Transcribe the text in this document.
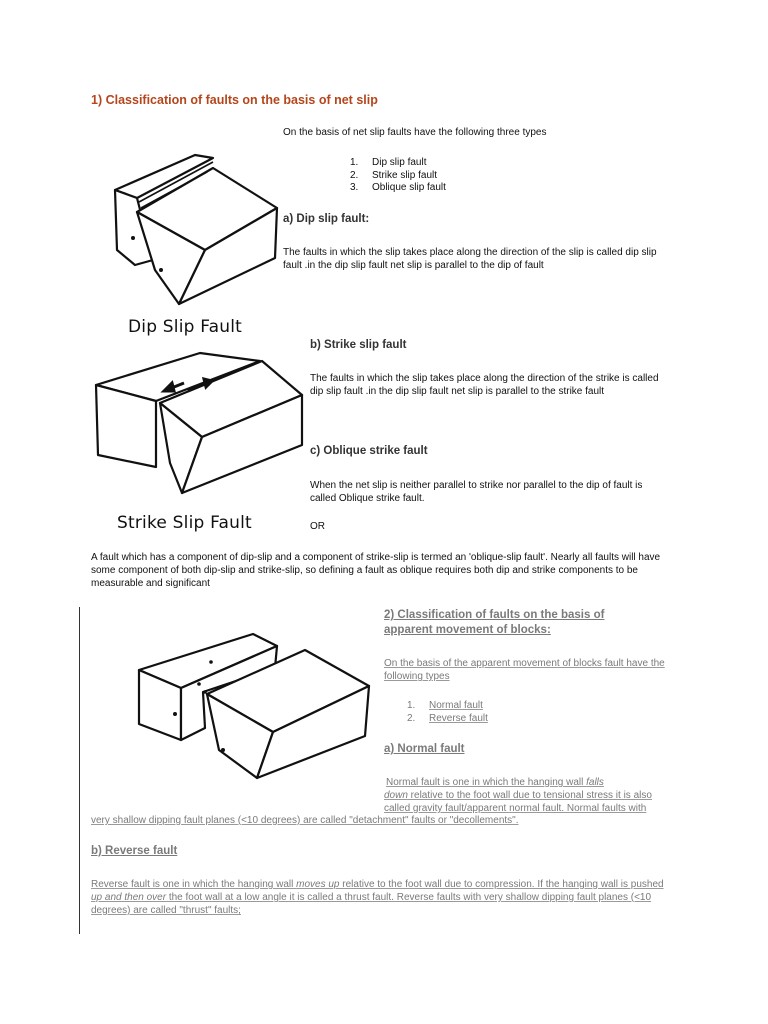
1) Classification of faults on the basis of net slip
On the basis of net slip faults have the following three types
1. Dip slip fault
2. Strike slip fault
3. Oblique slip fault
Dip Slip Fault
a) Dip slip fault:
The faults in which the slip takes place along the direction of the slip is called dip slip fault .in the dip slip fault net slip is parallel to the dip of fault
Strike Slip Fault
b) Strike slip fault
The faults in which the slip takes place along the direction of the strike is called dip slip fault .in the dip slip fault net slip is parallel to the strike fault
c) Oblique strike fault
When the net slip is neither parallel to strike nor parallel to the dip of fault is called Oblique strike fault.
OR
A fault which has a component of dip-slip and a component of strike-slip is termed an 'oblique-slip fault'. Nearly all faults will have some component of both dip-slip and strike-slip, so defining a fault as oblique requires both dip and strike components to be measurable and significant
2) Classification of faults on the basis of
apparent movement of blocks:
On the basis of the apparent movement of blocks fault have the following types
1. Normal fault
2. Reverse fault
a) Normal fault
Normal fault is one in which the hanging wall falls
down relative to the foot wall due to tensional stress it is also
called gravity fault/apparent normal fault. Normal faults with
very shallow dipping fault planes (<10 degrees) are called "detachment" faults or "decollements".
b) Reverse fault
Reverse fault is one in which the hanging wall moves up relative to the foot wall due to compression. If the hanging wall is pushed up and then over the foot wall at a low angle it is called a thrust fault. Reverse faults with very shallow dipping fault planes (<10 degrees) are called "thrust" faults;
